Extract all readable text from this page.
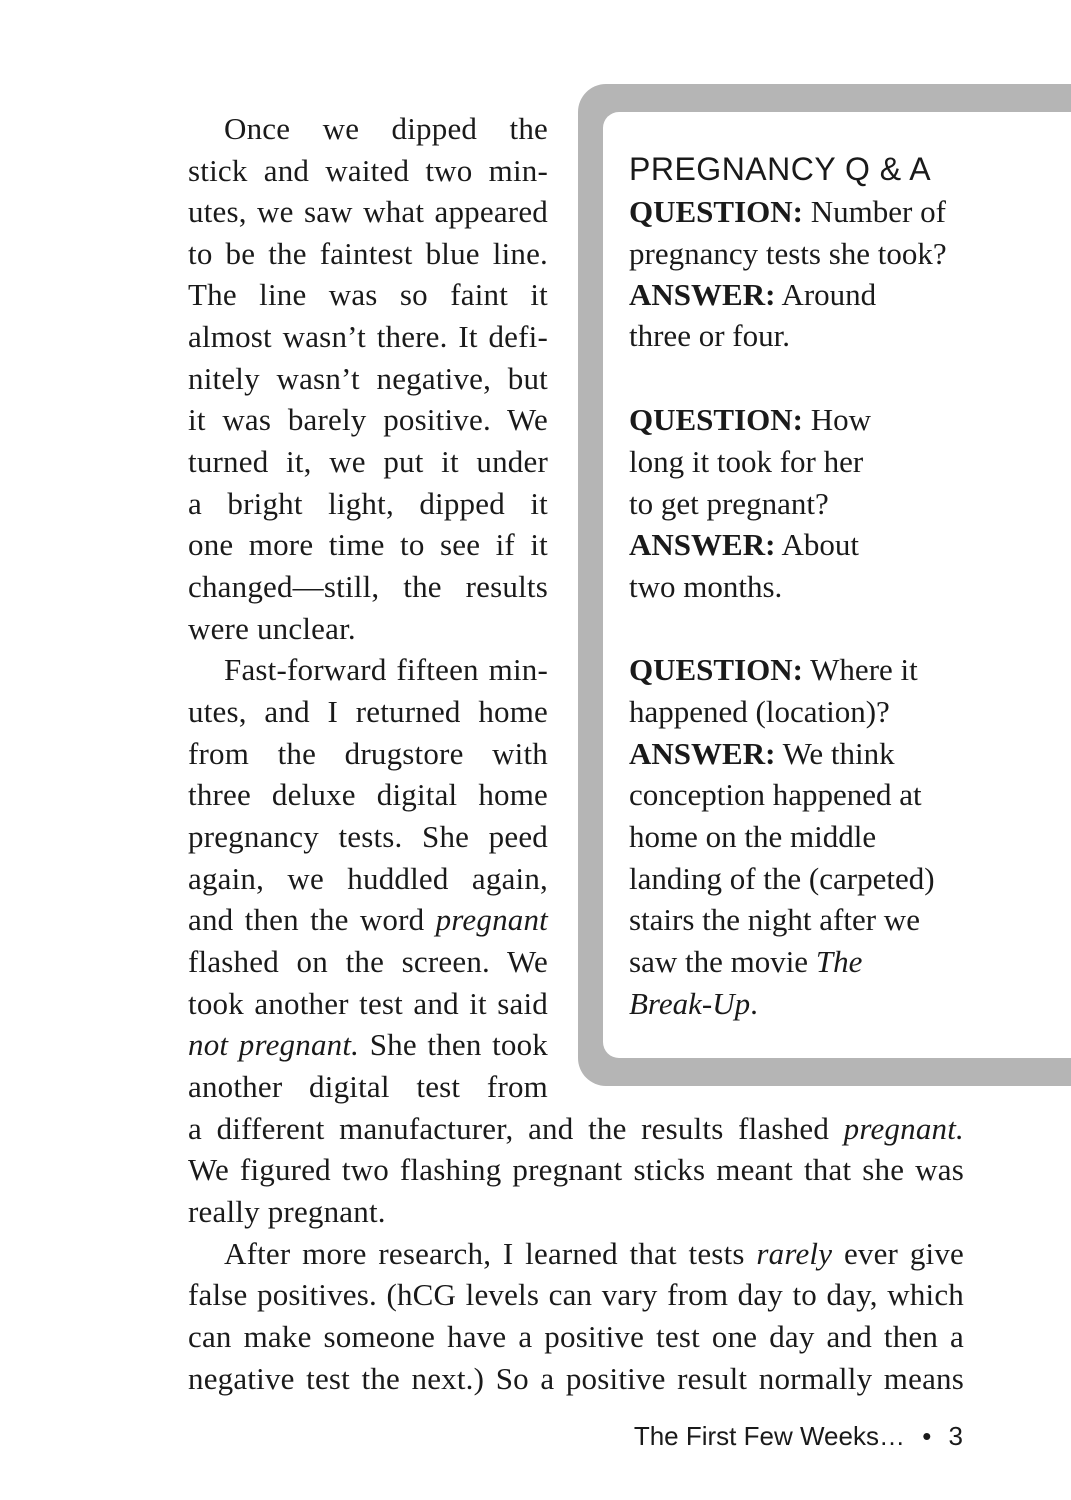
PREGNANCY Q & A
QUESTION: Number of
pregnancy tests she took?
ANSWER: Around
three or four.
QUESTION: How
long it took for her
to get pregnant?
ANSWER: About
two months.
QUESTION: Where it
happened (location)?
ANSWER: We think
conception happened at
home on the middle
landing of the (carpeted)
stairs the night after we
saw the movie The
Break-Up.
Once we dipped the
stick and waited two min-
utes, we saw what appeared
to be the faintest blue line.
The line was so faint it
almost wasn’t there. It defi-
nitely wasn’t negative, but
it was barely positive. We
turned it, we put it under
a bright light, dipped it
one more time to see if it
changed—still, the results
were unclear.
Fast-forward fifteen min-
utes, and I returned home
from the drugstore with
three deluxe digital home
pregnancy tests. She peed
again, we huddled again,
and then the word pregnant
flashed on the screen. We
took another test and it said
not pregnant. She then took
another digital test from
a different manufacturer, and the results flashed pregnant.
We figured two flashing pregnant sticks meant that she was
really pregnant.
After more research, I learned that tests rarely ever give
false positives. (hCG levels can vary from day to day, which
can make someone have a positive test one day and then a
negative test the next.) So a positive result normally means
The First Few Weeks… • 3
